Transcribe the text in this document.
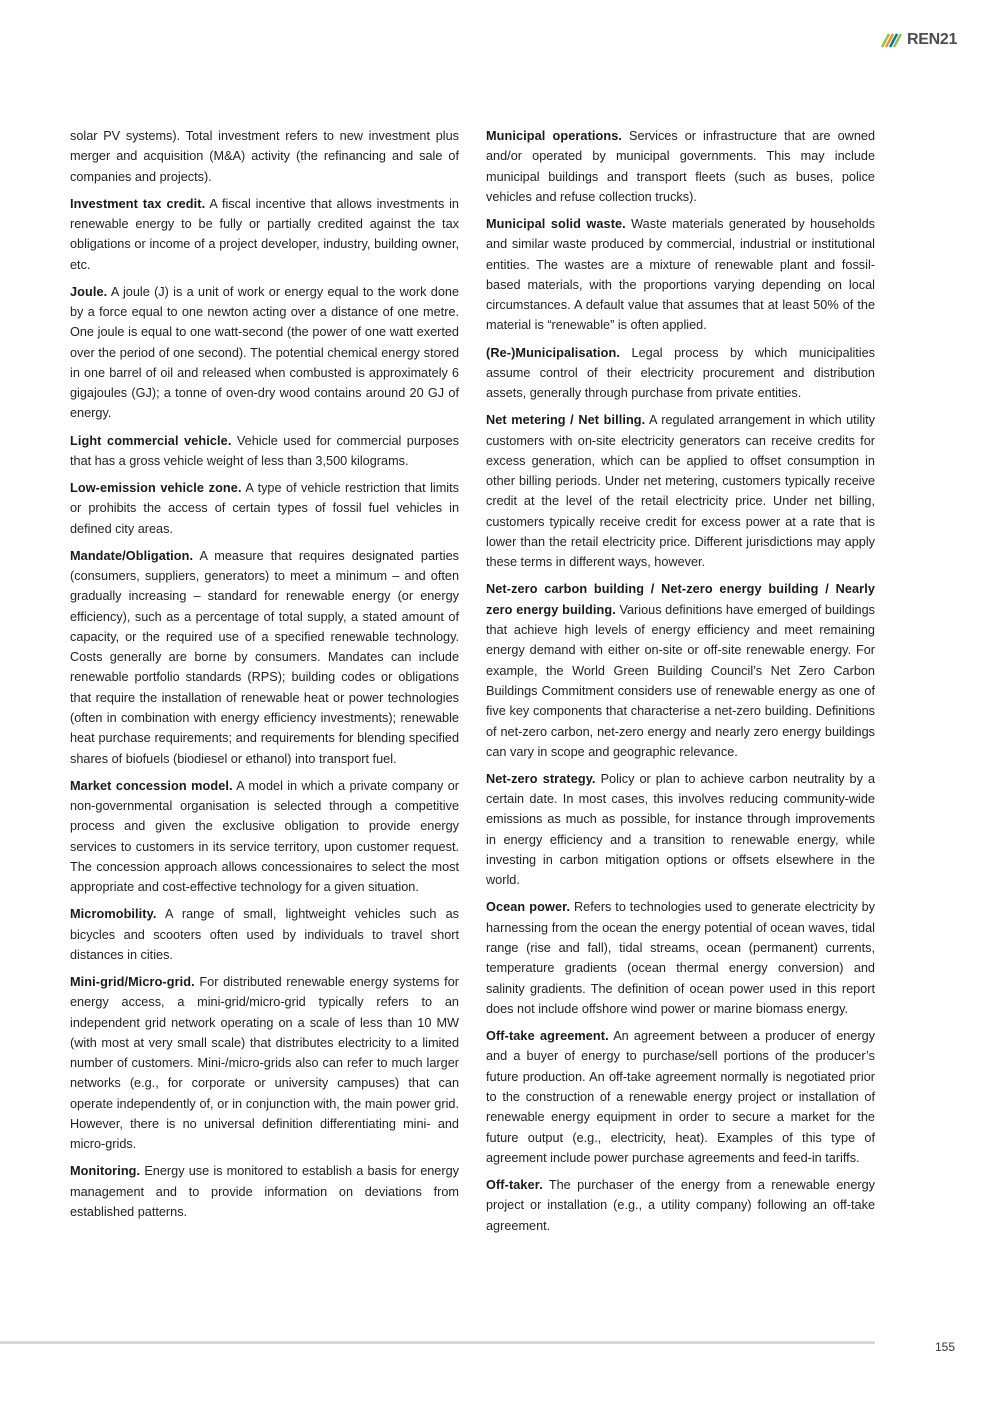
REN21

solar PV systems). Total investment refers to new investment plus merger and acquisition (M&A) activity (the refinancing and sale of companies and projects).

Investment tax credit. A fiscal incentive that allows investments in renewable energy to be fully or partially credited against the tax obligations or income of a project developer, industry, building owner, etc.

Joule. A joule (J) is a unit of work or energy equal to the work done by a force equal to one newton acting over a distance of one metre. One joule is equal to one watt-second (the power of one watt exerted over the period of one second). The potential chemical energy stored in one barrel of oil and released when combusted is approximately 6 gigajoules (GJ); a tonne of oven-dry wood contains around 20 GJ of energy.

Light commercial vehicle. Vehicle used for commercial purposes that has a gross vehicle weight of less than 3,500 kilograms.

Low-emission vehicle zone. A type of vehicle restriction that limits or prohibits the access of certain types of fossil fuel vehicles in defined city areas.

Mandate/Obligation. A measure that requires designated parties (consumers, suppliers, generators) to meet a minimum – and often gradually increasing – standard for renewable energy (or energy efficiency), such as a percentage of total supply, a stated amount of capacity, or the required use of a specified renewable technology. Costs generally are borne by consumers. Mandates can include renewable portfolio standards (RPS); building codes or obligations that require the installation of renewable heat or power technologies (often in combination with energy efficiency investments); renewable heat purchase requirements; and requirements for blending specified shares of biofuels (biodiesel or ethanol) into transport fuel.

Market concession model. A model in which a private company or non-governmental organisation is selected through a competitive process and given the exclusive obligation to provide energy services to customers in its service territory, upon customer request. The concession approach allows concessionaires to select the most appropriate and cost-effective technology for a given situation.

Micromobility. A range of small, lightweight vehicles such as bicycles and scooters often used by individuals to travel short distances in cities.

Mini-grid/Micro-grid. For distributed renewable energy systems for energy access, a mini-grid/micro-grid typically refers to an independent grid network operating on a scale of less than 10 MW (with most at very small scale) that distributes electricity to a limited number of customers. Mini-/micro-grids also can refer to much larger networks (e.g., for corporate or university campuses) that can operate independently of, or in conjunction with, the main power grid. However, there is no universal definition differentiating mini- and micro-grids.

Monitoring. Energy use is monitored to establish a basis for energy management and to provide information on deviations from established patterns.

Municipal operations. Services or infrastructure that are owned and/or operated by municipal governments. This may include municipal buildings and transport fleets (such as buses, police vehicles and refuse collection trucks).

Municipal solid waste. Waste materials generated by households and similar waste produced by commercial, industrial or institutional entities. The wastes are a mixture of renewable plant and fossil-based materials, with the proportions varying depending on local circumstances. A default value that assumes that at least 50% of the material is “renewable” is often applied.

(Re-)Municipalisation. Legal process by which municipalities assume control of their electricity procurement and distribution assets, generally through purchase from private entities.

Net metering / Net billing. A regulated arrangement in which utility customers with on-site electricity generators can receive credits for excess generation, which can be applied to offset consumption in other billing periods. Under net metering, customers typically receive credit at the level of the retail electricity price. Under net billing, customers typically receive credit for excess power at a rate that is lower than the retail electricity price. Different jurisdictions may apply these terms in different ways, however.

Net-zero carbon building / Net-zero energy building / Nearly zero energy building. Various definitions have emerged of buildings that achieve high levels of energy efficiency and meet remaining energy demand with either on-site or off-site renewable energy. For example, the World Green Building Council’s Net Zero Carbon Buildings Commitment considers use of renewable energy as one of five key components that characterise a net-zero building. Definitions of net-zero carbon, net-zero energy and nearly zero energy buildings can vary in scope and geographic relevance.

Net-zero strategy. Policy or plan to achieve carbon neutrality by a certain date. In most cases, this involves reducing community-wide emissions as much as possible, for instance through improvements in energy efficiency and a transition to renewable energy, while investing in carbon mitigation options or offsets elsewhere in the world.

Ocean power. Refers to technologies used to generate electricity by harnessing from the ocean the energy potential of ocean waves, tidal range (rise and fall), tidal streams, ocean (permanent) currents, temperature gradients (ocean thermal energy conversion) and salinity gradients. The definition of ocean power used in this report does not include offshore wind power or marine biomass energy.

Off-take agreement. An agreement between a producer of energy and a buyer of energy to purchase/sell portions of the producer’s future production. An off-take agreement normally is negotiated prior to the construction of a renewable energy project or installation of renewable energy equipment in order to secure a market for the future output (e.g., electricity, heat). Examples of this type of agreement include power purchase agreements and feed-in tariffs.

Off-taker. The purchaser of the energy from a renewable energy project or installation (e.g., a utility company) following an off-take agreement.

155
